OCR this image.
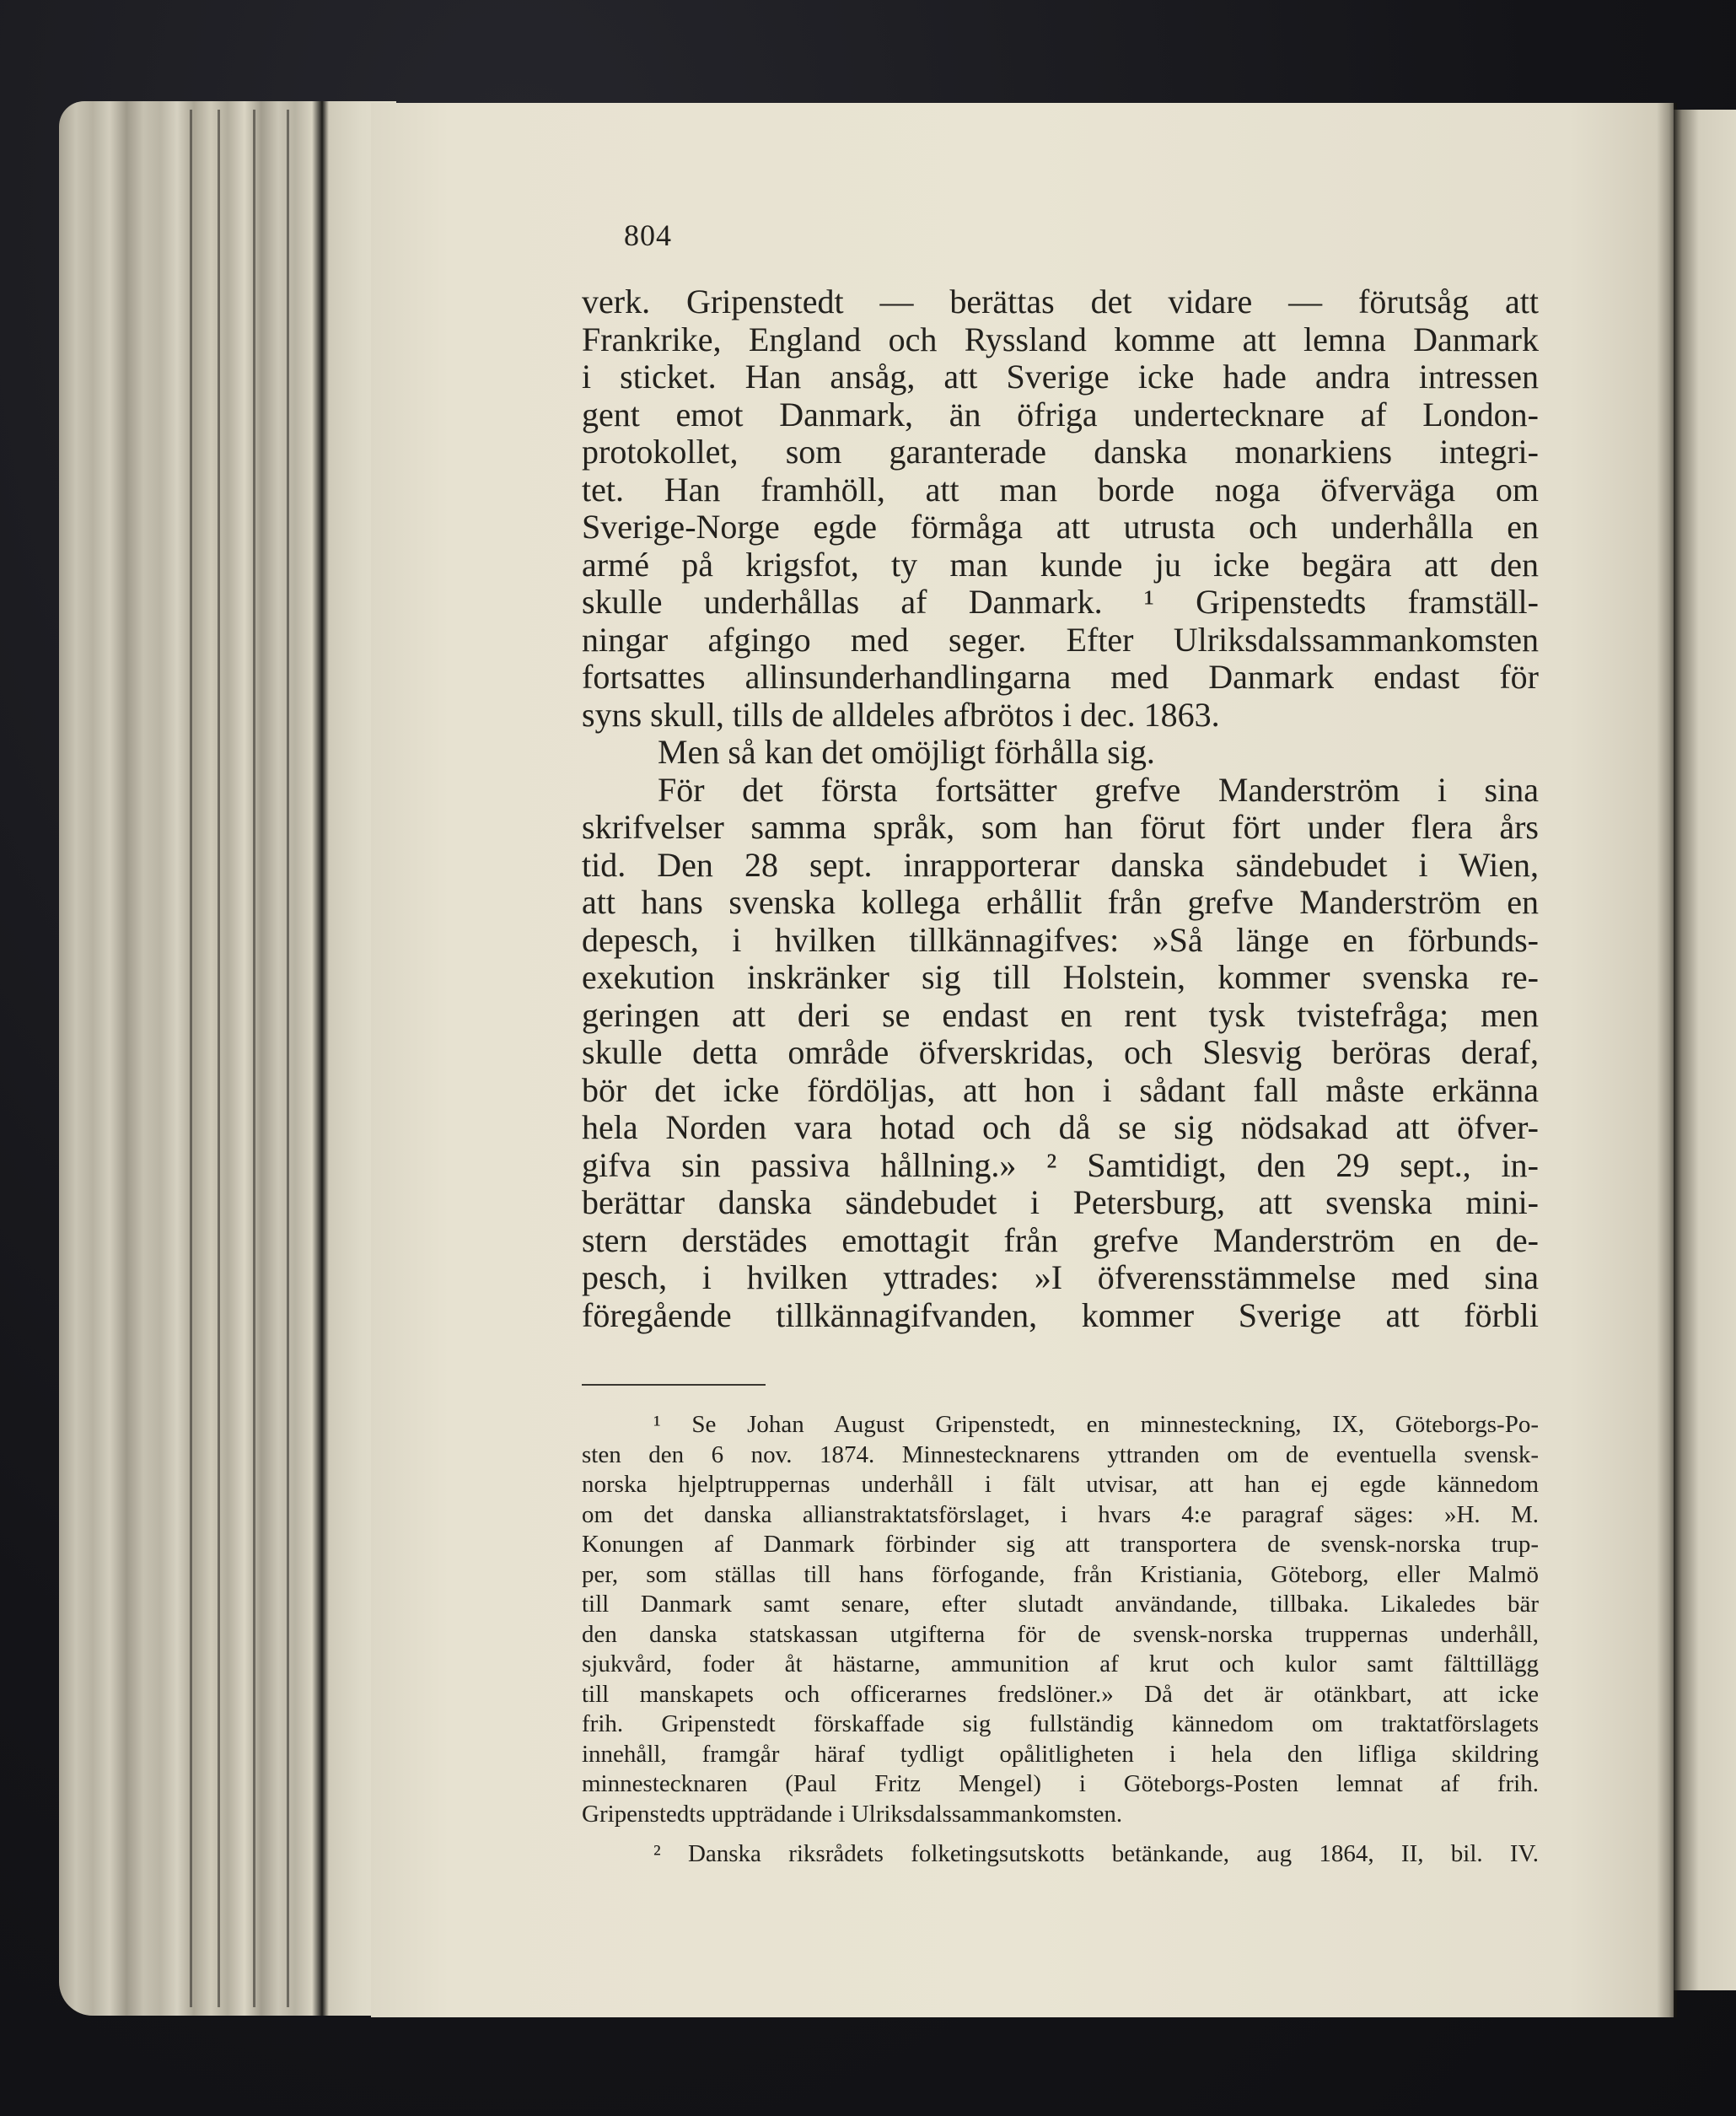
804
verk. Gripenstedt — berättas det vidare — förutsåg att
Frankrike, England och Ryssland komme att lemna Danmark
i sticket. Han ansåg, att Sverige icke hade andra intressen
gent emot Danmark, än öfriga undertecknare af London-
protokollet, som garanterade danska monarkiens integri-
tet. Han framhöll, att man borde noga öfverväga om
Sverige-Norge egde förmåga att utrusta och underhålla en
armé på krigsfot, ty man kunde ju icke begära att den
skulle underhållas af Danmark. ¹ Gripenstedts framställ-
ningar afgingo med seger. Efter Ulriksdalssammankomsten
fortsattes allinsunderhandlingarna med Danmark endast för
syns skull, tills de alldeles afbrötos i dec. 1863.
Men så kan det omöjligt förhålla sig.
För det första fortsätter grefve Manderström i sina
skrifvelser samma språk, som han förut fört under flera års
tid. Den 28 sept. inrapporterar danska sändebudet i Wien,
att hans svenska kollega erhållit från grefve Manderström en
depesch, i hvilken tillkännagifves: »Så länge en förbunds-
exekution inskränker sig till Holstein, kommer svenska re-
geringen att deri se endast en rent tysk tvistefråga; men
skulle detta område öfverskridas, och Slesvig beröras deraf,
bör det icke fördöljas, att hon i sådant fall måste erkänna
hela Norden vara hotad och då se sig nödsakad att öfver-
gifva sin passiva hållning.» ² Samtidigt, den 29 sept., in-
berättar danska sändebudet i Petersburg, att svenska mini-
stern derstädes emottagit från grefve Manderström en de-
pesch, i hvilken yttrades: »I öfverensstämmelse med sina
föregående tillkännagifvanden, kommer Sverige att förbli
¹ Se Johan August Gripenstedt, en minnesteckning, IX, Göteborgs-Po-
sten den 6 nov. 1874. Minnestecknarens yttranden om de eventuella svensk-
norska hjelptruppernas underhåll i fält utvisar, att han ej egde kännedom
om det danska allianstraktatsförslaget, i hvars 4:e paragraf säges: »H. M.
Konungen af Danmark förbinder sig att transportera de svensk-norska trup-
per, som ställas till hans förfogande, från Kristiania, Göteborg, eller Malmö
till Danmark samt senare, efter slutadt användande, tillbaka. Likaledes bär
den danska statskassan utgifterna för de svensk-norska truppernas underhåll,
sjukvård, foder åt hästarne, ammunition af krut och kulor samt fälttillägg
till manskapets och officerarnes fredslöner.» Då det är otänkbart, att icke
frih. Gripenstedt förskaffade sig fullständig kännedom om traktatförslagets
innehåll, framgår häraf tydligt opålitligheten i hela den lifliga skildring
minnestecknaren (Paul Fritz Mengel) i Göteborgs-Posten lemnat af frih.
Gripenstedts uppträdande i Ulriksdalssammankomsten.
² Danska riksrådets folketingsutskotts betänkande, aug 1864, II, bil. IV.
